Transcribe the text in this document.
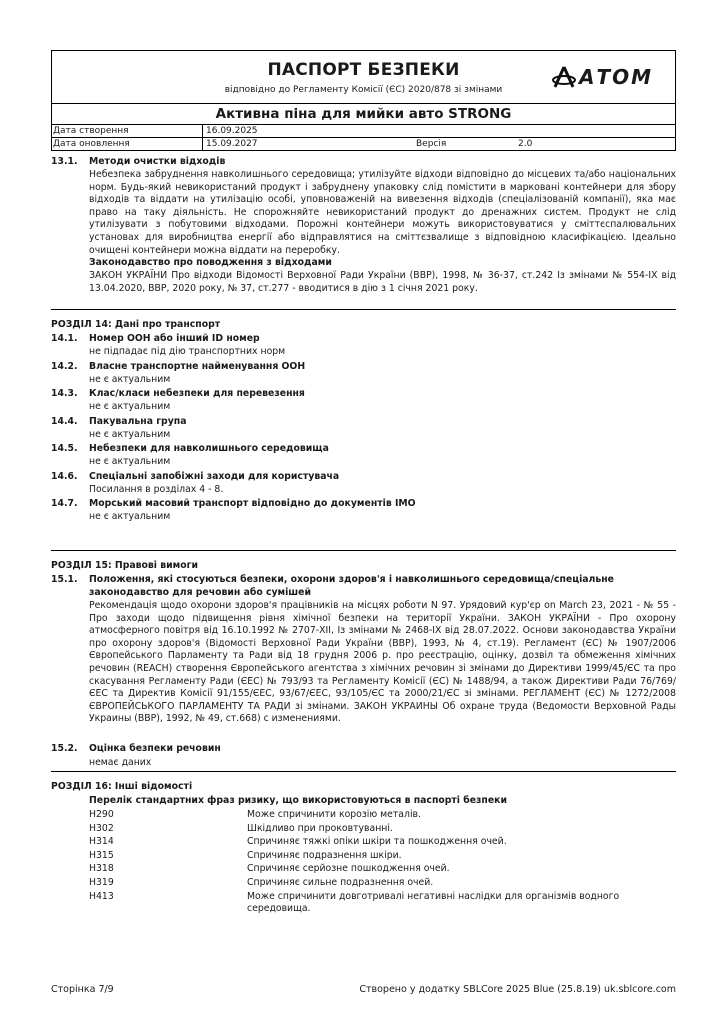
ПАСПОРТ БЕЗПЕКИ
відповідно до Регламенту Комісії (ЄС) 2020/878 зі змінами
АТОМ
Активна піна для мийки авто STRONG
Дата створення	16.09.2025
Дата оновлення	15.09.2027	Версія	2.0
13.1. Методи очистки відходів
Небезпека забруднення навколишнього середовища; утилізуйте відходи відповідно до місцевих та/або національних норм. Будь-який невикористаний продукт і забруднену упаковку слід помістити в марковані контейнери для збору відходів та віддати на утилізацію особі, уповноваженій на вивезення відходів (спеціалізованій компанії), яка має право на таку діяльність. Не спорожняйте невикористаний продукт до дренажних систем. Продукт не слід утилізувати з побутовими відходами. Порожні контейнери можуть використовуватися у сміттєспалювальних установах для виробництва енергії або відправлятися на сміттєзвалище з відповідною класифікацією. Ідеально очищені контейнери можна віддати на переробку.
Законодавство про поводження з відходами
ЗАКОН УКРАЇНИ Про відходи Відомості Верховної Ради України (ВВР), 1998, № 36-37, ст.242 Із змінами № 554-IX від 13.04.2020, ВВР, 2020 року, № 37, ст.277 - вводитися в дію з 1 січня 2021 року.
РОЗДІЛ 14: Дані про транспорт
14.1. Номер ООН або інший ID номер
не підпадає під дію транспортних норм
14.2. Власне транспортне найменування ООН
не є актуальним
14.3. Клас/класи небезпеки для перевезення
не є актуальним
14.4. Пакувальна група
не є актуальним
14.5. Небезпеки для навколишнього середовища
не є актуальним
14.6. Спеціальні запобіжні заходи для користувача
Посилання в розділах 4 - 8.
14.7. Морський масовий транспорт відповідно до документів IMO
не є актуальним
РОЗДІЛ 15: Правові вимоги
15.1. Положення, які стосуються безпеки, охорони здоров'я і навколишнього середовища/спеціальне законодавство для речовин або сумішей
Рекомендація щодо охорони здоров'я працівників на місцях роботи N 97. Урядовий кур'єр on March 23, 2021 - № 55 - Про заходи щодо підвищення рівня хімічної безпеки на території України. ЗАКОН УКРАЇНИ - Про охорону атмосферного повітря від 16.10.1992 № 2707-XII, Із змінами № 2468-IX від 28.07.2022. Основи законодавства України про охорону здоров'я (Відомості Верховної Ради України (ВВР), 1993, № 4, ст.19). Регламент (ЄС) № 1907/2006 Європейського Парламенту та Ради від 18 грудня 2006 р. про реєстрацію, оцінку, дозвіл та обмеження хімічних речовин (REACH) створення Європейського агентства з хімічних речовин зі змінами до Директиви 1999/45/ЄС та про скасування Регламенту Ради (ЄЕС) № 793/93 та Регламенту Комісії (ЄС) № 1488/94, а також Директиви Ради 76/769/ЄЕС та Директив Комісії 91/155/ЄЕС, 93/67/ЄЕС, 93/105/ЄС та 2000/21/ЄС зі змінами. РЕГЛАМЕНТ (ЄС) № 1272/2008 ЄВРОПЕЙСЬКОГО ПАРЛАМЕНТУ ТА РАДИ зі змінами. ЗАКОН УКРАИНЫ Об охране труда (Ведомости Верховной Рады Украины (ВВР), 1992, № 49, ст.668) с изменениями.
15.2. Оцінка безпеки речовин
немає даних
РОЗДІЛ 16: Інші відомості
Перелік стандартних фраз ризику, що використовуються в паспорті безпеки
H290	Може спричинити корозію металів.
H302	Шкідливо при проковтуванні.
H314	Спричиняє тяжкі опіки шкіри та пошкодження очей.
H315	Спричиняє подразнення шкіри.
H318	Спричиняє серйозне пошкодження очей.
H319	Спричиняє сильне подразнення очей.
H413	Може спричинити довготривалі негативні наслідки для організмів водного середовища.
Сторінка 7/9	Створено у додатку SBLCore 2025 Blue (25.8.19) uk.sblcore.com
